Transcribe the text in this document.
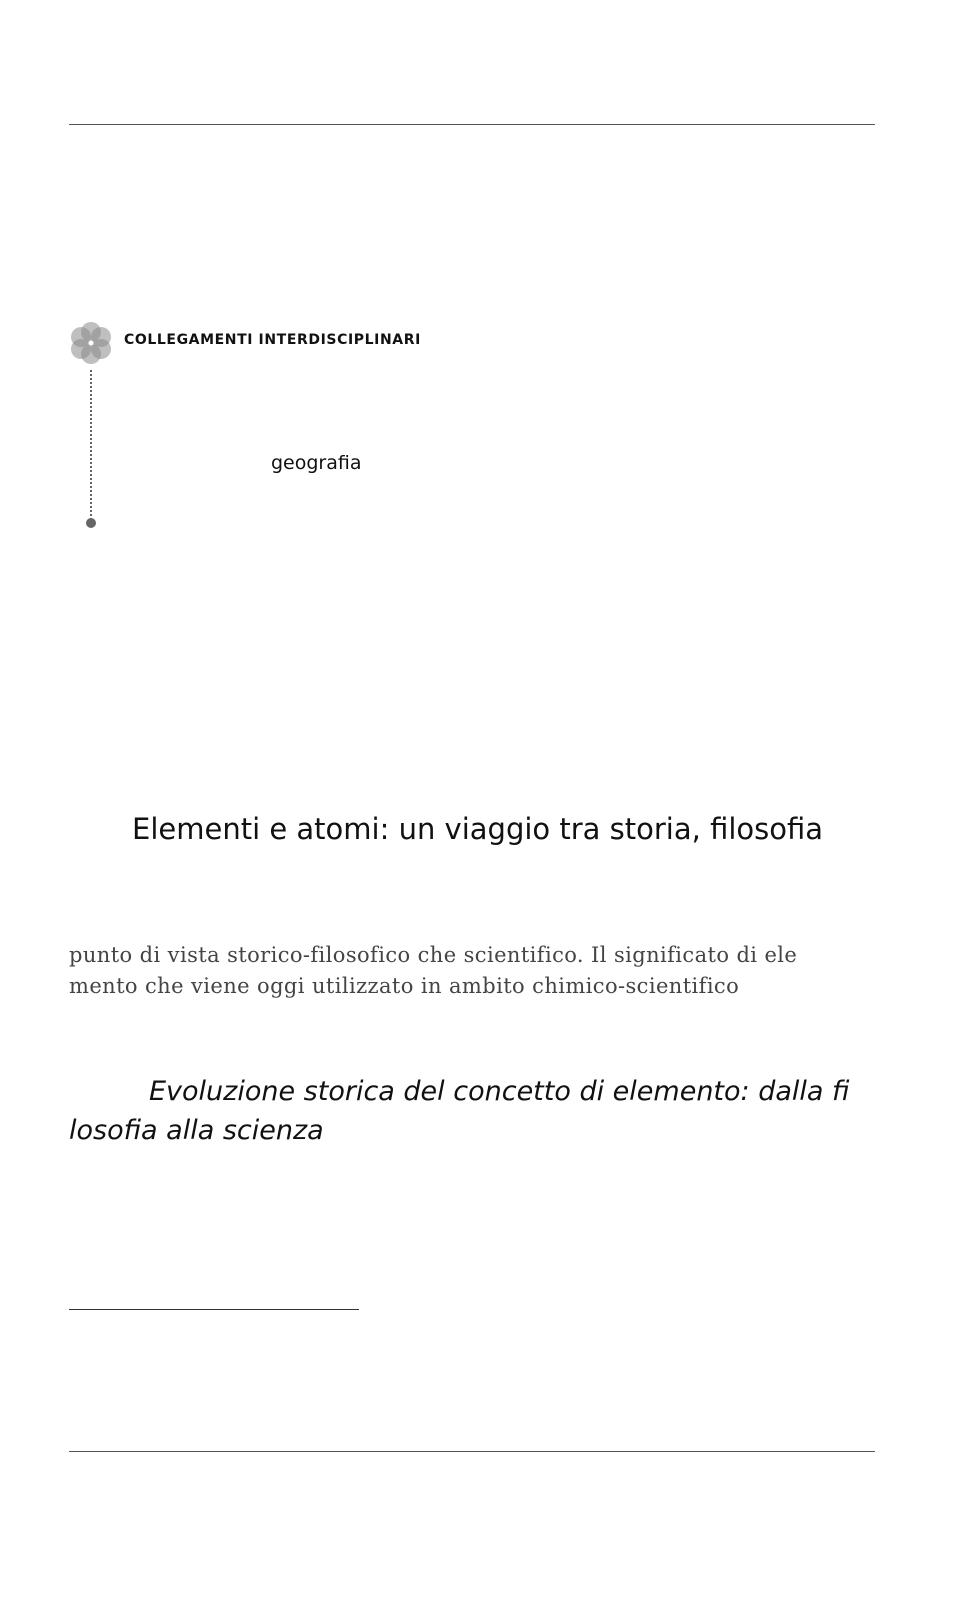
COLLEGAMENTI INTERDISCIPLINARI
geografia
Elementi e atomi: un viaggio tra storia, filosofia
punto di vista storico-filosofico che scientifico. Il significato di ele
mento che viene oggi utilizzato in ambito chimico-scientifico
Evoluzione storica del concetto di elemento: dalla fi
losofia alla scienza
